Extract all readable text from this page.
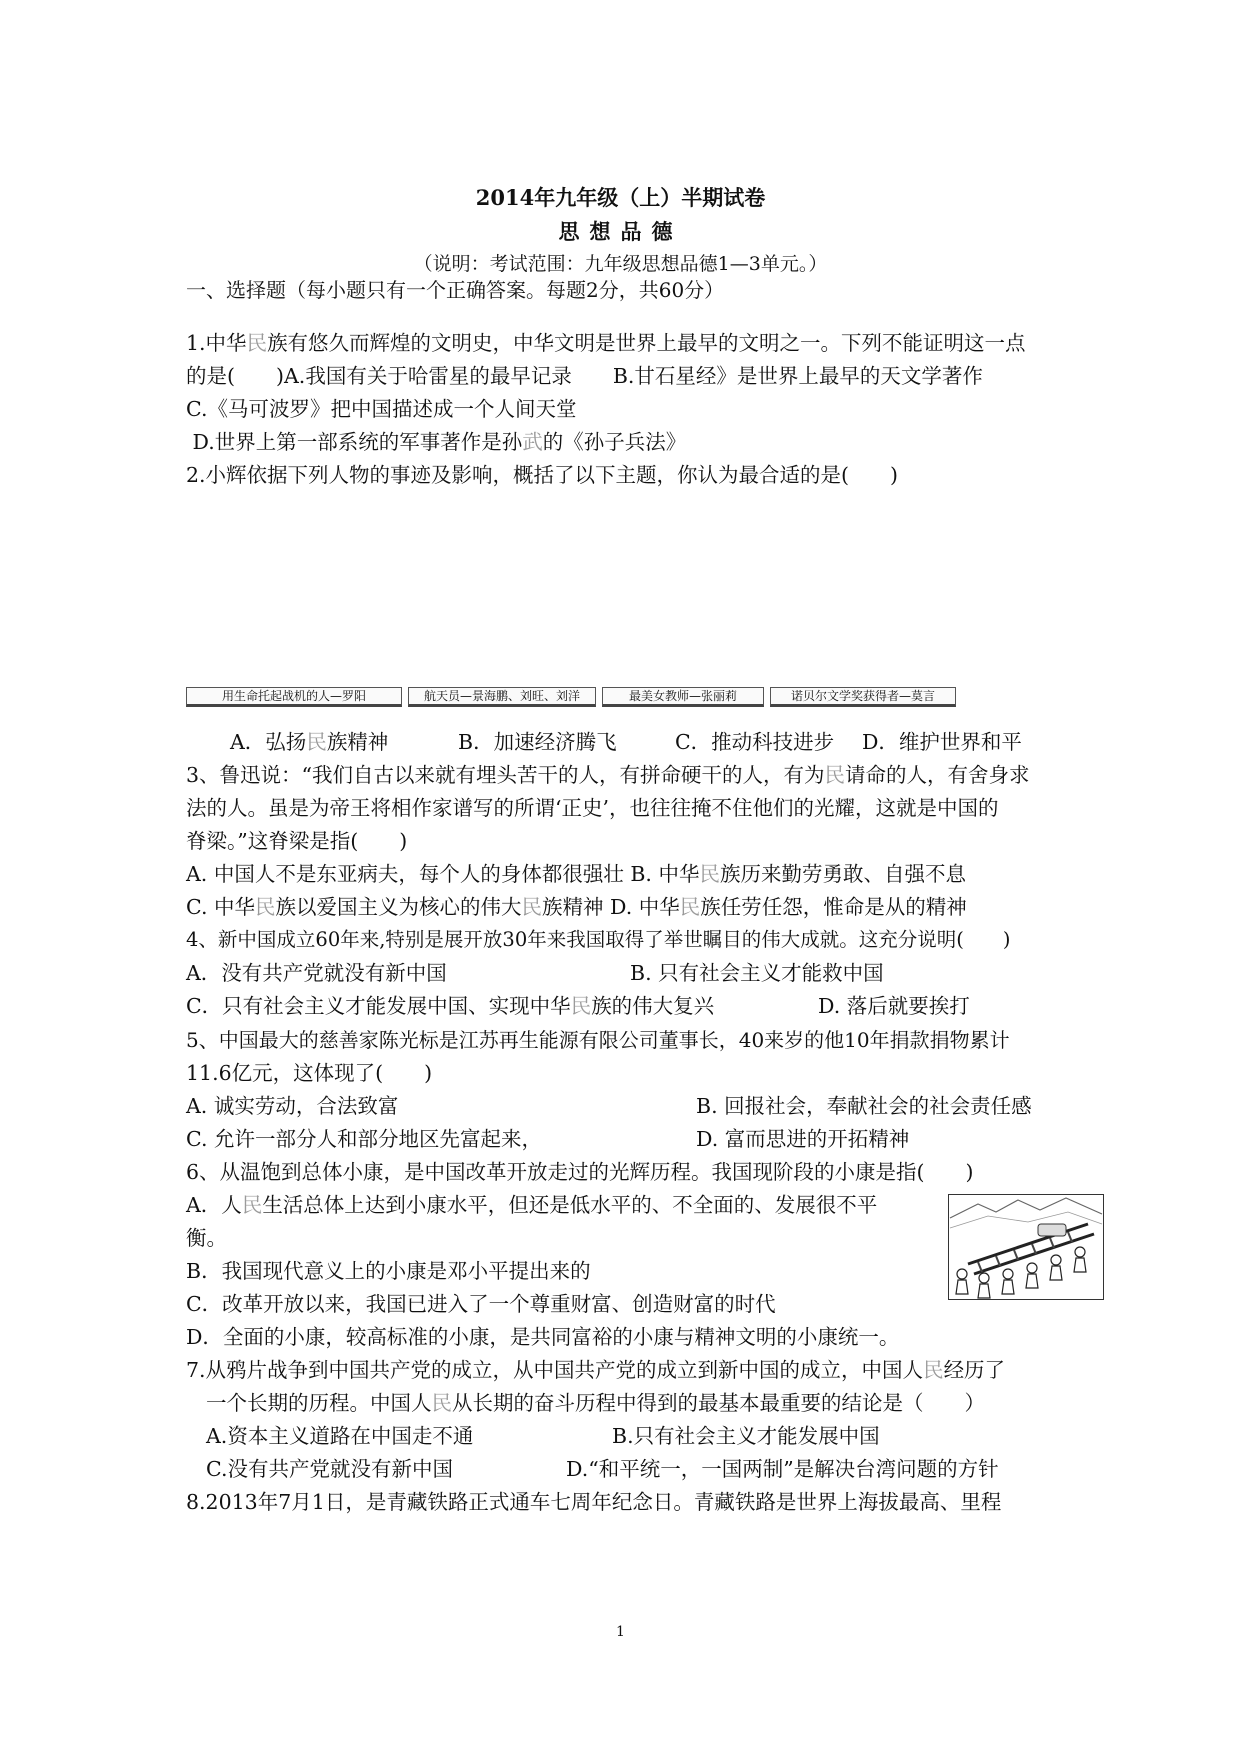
2014年九年级（上）半期试卷
思想品德
（说明：考试范围：九年级思想品德1—3单元。）
一、选择题（每小题只有一个正确答案。每题2分，共60分）
1.中华民族有悠久而辉煌的文明史，中华文明是世界上最早的文明之一。下列不能证明这一点
的是(　　)A.我国有关于哈雷星的最早记录　　B.甘石星经》是世界上最早的天文学著作
C.《马可波罗》把中国描述成一个人间天堂
D.世界上第一部系统的军事著作是孙武的《孙子兵法》
2.小辉依据下列人物的事迹及影响，概括了以下主题，你认为最合适的是(　　)
用生命托起战机的人—罗阳	航天员—景海鹏、刘旺、刘洋	最美女教师—张丽莉	诺贝尔文学奖获得者—莫言
A．弘扬民族精神	B．加速经济腾飞	C．推动科技进步 D．维护世界和平
3、鲁迅说：“我们自古以来就有埋头苦干的人，有拼命硬干的人，有为民请命的人，有舍身求
法的人。虽是为帝王将相作家谱写的所谓‘正史’，也往往掩不住他们的光耀，这就是中国的
脊梁。”这脊梁是指(　　)
A. 中国人不是东亚病夫，每个人的身体都很强壮 B. 中华民族历来勤劳勇敢、自强不息
C. 中华民族以爱国主义为核心的伟大民族精神 D. 中华民族任劳任怨，惟命是从的精神
4、新中国成立60年来,特别是展开放30年来我国取得了举世瞩目的伟大成就。这充分说明(　　)
A．没有共产党就没有新中国	B. 只有社会主义才能救中国
C．只有社会主义才能发展中国、实现中华民族的伟大复兴	D. 落后就要挨打
5、中国最大的慈善家陈光标是江苏再生能源有限公司董事长，40来岁的他10年捐款捐物累计
11.6亿元，这体现了(　　)
A. 诚实劳动，合法致富	B. 回报社会，奉献社会的社会责任感
C. 允许一部分人和部分地区先富起来，	D. 富而思进的开拓精神
6、从温饱到总体小康，是中国改革开放走过的光辉历程。我国现阶段的小康是指(　　)
A．人民生活总体上达到小康水平，但还是低水平的、不全面的、发展很不平
衡。
B．我国现代意义上的小康是邓小平提出来的
C．改革开放以来，我国已进入了一个尊重财富、创造财富的时代
D．全面的小康，较高标准的小康，是共同富裕的小康与精神文明的小康统一。
7.从鸦片战争到中国共产党的成立，从中国共产党的成立到新中国的成立，中国人民经历了
一个长期的历程。中国人民从长期的奋斗历程中得到的最基本最重要的结论是（　　）
A.资本主义道路在中国走不通	B.只有社会主义才能发展中国
C.没有共产党就没有新中国	D.“和平统一，一国两制”是解决台湾问题的方针
8.2013年7月1日，是青藏铁路正式通车七周年纪念日。青藏铁路是世界上海拔最高、里程
1
